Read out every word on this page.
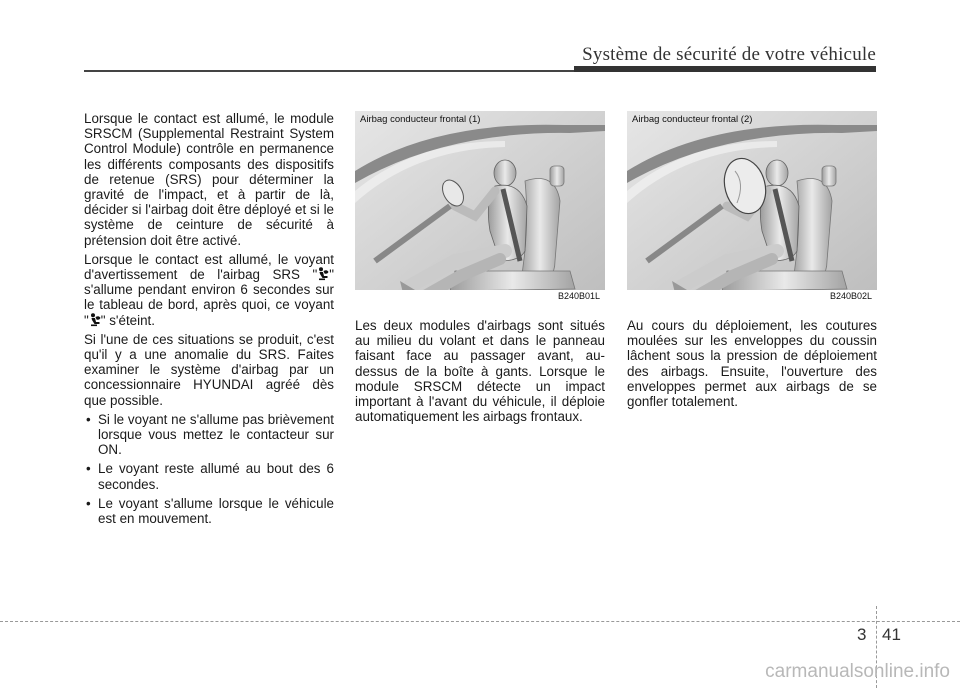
Système de sécurité de votre véhicule

Lorsque le contact est allumé, le module SRSCM (Supplemental Restraint System Control Module) contrôle en permanence les différents composants des dispositifs de retenue (SRS) pour déterminer la gravité de l'impact, et à partir de là, décider si l'airbag doit être déployé et si le système de ceinture de sécurité à prétension doit être activé.

Lorsque le contact est allumé, le voyant d'avertissement de l'airbag SRS " " s'allume pendant environ 6 secondes sur le tableau de bord, après quoi, ce voyant " " s'éteint.

Si l'une de ces situations se produit, c'est qu'il y a une anomalie du SRS. Faites examiner le système d'airbag par un concessionnaire HYUNDAI agréé dès que possible.

• Si le voyant ne s'allume pas brièvement lorsque vous mettez le contacteur sur ON.
• Le voyant reste allumé au bout des 6 secondes.
• Le voyant s'allume lorsque le véhicule est en mouvement.
Airbag conducteur frontal (1)
B240B01L
Airbag conducteur frontal (2)
B240B02L

Les deux modules d'airbags sont situés au milieu du volant et dans le panneau faisant face au passager avant, au-dessus de la boîte à gants. Lorsque le module SRSCM détecte un impact important à l'avant du véhicule, il déploie automatiquement les airbags frontaux.

Au cours du déploiement, les coutures moulées sur les enveloppes du coussin lâchent sous la pression de déploiement des airbags. Ensuite, l'ouverture des enveloppes permet aux airbags de se gonfler totalement.

3 41
carmanualsonline.info
